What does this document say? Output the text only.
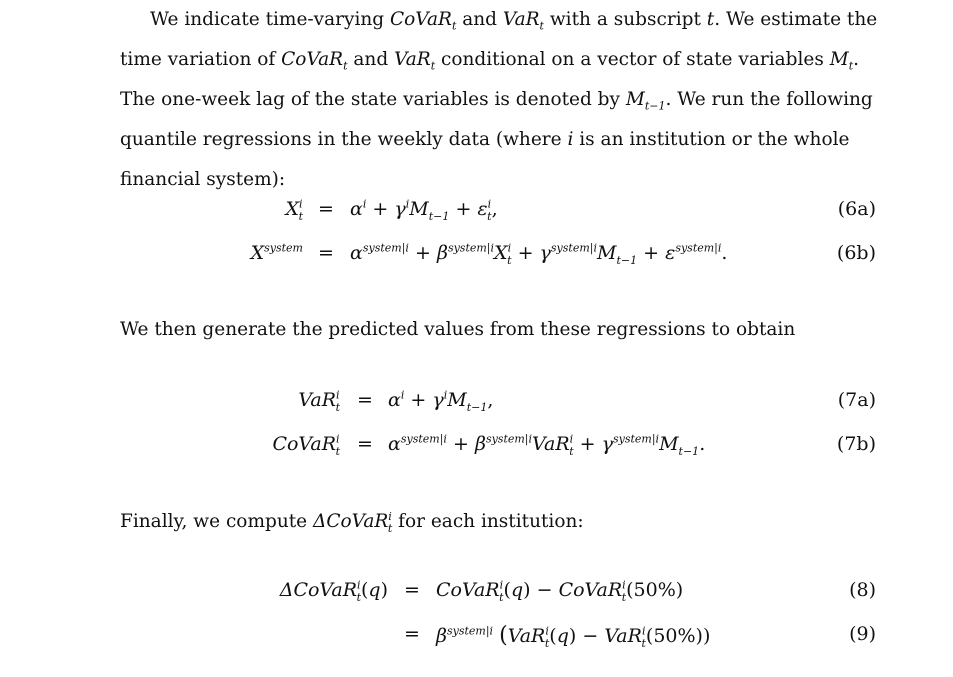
We indicate time-varying CoVaR$_t$ and VaR$_t$ with a subscript t. We estimate the time variation of CoVaR$_t$ and VaR$_t$ conditional on a vector of state variables $M_t$. The one-week lag of the state variables is denoted by $M_{t-1}$. We run the following quantile regressions in the weekly data (where i is an institution or the whole financial system):
$X^i_t = \alpha^i + \gamma^iM_{t-1} + \varepsilon^i_t$,	(6a)
$X^{system} = \alpha^{system|i} + \beta^{system|i}X^i_t + \gamma^{system|i}M_{t-1} + \varepsilon^{system|i}$.	(6b)
We then generate the predicted values from these regressions to obtain
$VaR^i_t = \alpha^i + \gamma^iM_{t-1}$,	(7a)
CoVaR$^i_t$ = $\alpha^{system|i} + \beta^{system|i}VaR^i_t + \gamma^{system|i}M_{t-1}$.	(7b)
Finally, we compute ΔCoVaR$^i_t$ for each institution:
ΔCoVaR$^i_t$(q) = CoVaR$^i_t$(q) − CoVaR$^i_t$(50%)	(8)
= $\beta^{system|i}$ (VaR$^i_t$(q) − VaR$^i_t$(50%))	(9)
